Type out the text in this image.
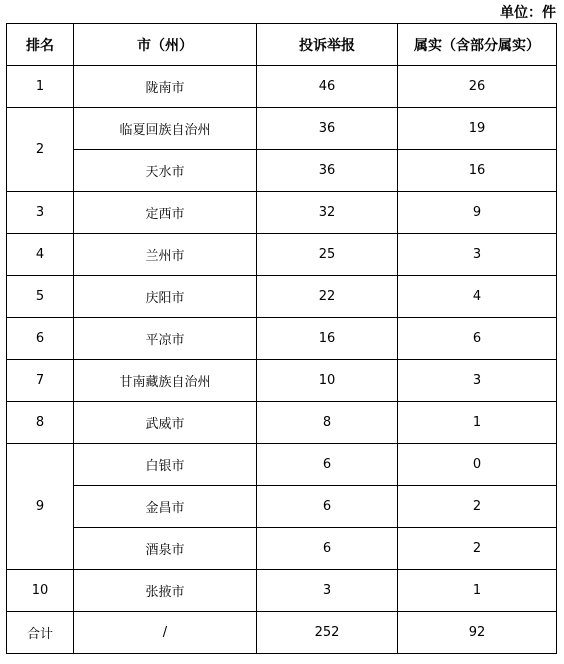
单位：件
排名	市（州）	投诉举报	属实（含部分属实）
1	陇南市	46	26
2	临夏回族自治州	36	19
	天水市	36	16
3	定西市	32	9
4	兰州市	25	3
5	庆阳市	22	4
6	平凉市	16	6
7	甘南藏族自治州	10	3
8	武威市	8	1
9	白银市	6	0
	金昌市	6	2
	酒泉市	6	2
10	张掖市	3	1
合计	/	252	92
